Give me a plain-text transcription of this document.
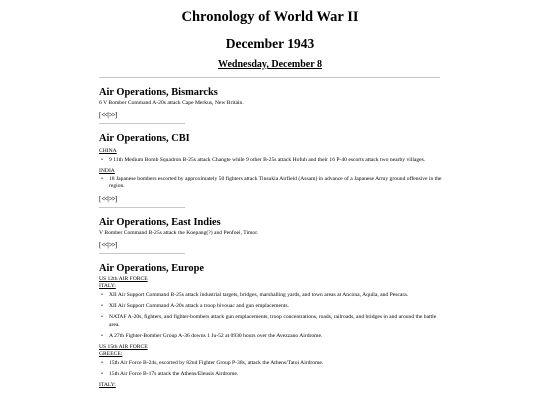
Chronology of World War II
December 1943
Wednesday, December 8
Air Operations, Bismarcks

6 V Bomber Command A-20s attack Cape Merkus, New Britain.

[<<|>>]
Air Operations, CBI
CHINA
• 9 11th Medium Bomb Squadron B-25s attack Changte while 9 other B-25s attack Hofuh and their 16 P-40 escorts attack two nearby villages.
INDIA
• 18 Japanese bombers escorted by approximately 50 fighters attack Tinsukia Airfield (Assam) in advance of a Japanese Army ground offensive in the region.
[<<|>>]
Air Operations, East Indies

V Bomber Command B-25s attack the Koepang(?) and Penfoei, Timor.

[<<|>>]
Air Operations, Europe
US 12th AIR FORCE
ITALY:
• XII Air Support Command B-25s attack industrial targets, bridges, marshalling yards, and town areas at Ancona, Aquila, and Pescara.
• XII Air Support Command A-20s attack a troop bivouac and gun emplacements.
• NATAF A-20s, fighters, and fighter-bombers attack gun emplacements, troop concentrations, roads, railroads, and bridges in and around the battle area.
• A 27th Fighter-Bomber Group A-36 downs 1 Ju-52 at 0930 hours over the Avezzano Airdrome.
US 15th AIR FORCE
GREECE:
• 15th Air Force B-24s, escorted by 82nd Fighter Group P-38s, attack the Athens/Tatoi Airdrome.
• 15th Air Force B-17s attack the Athens/Eleusis Airdrome.
ITALY:
